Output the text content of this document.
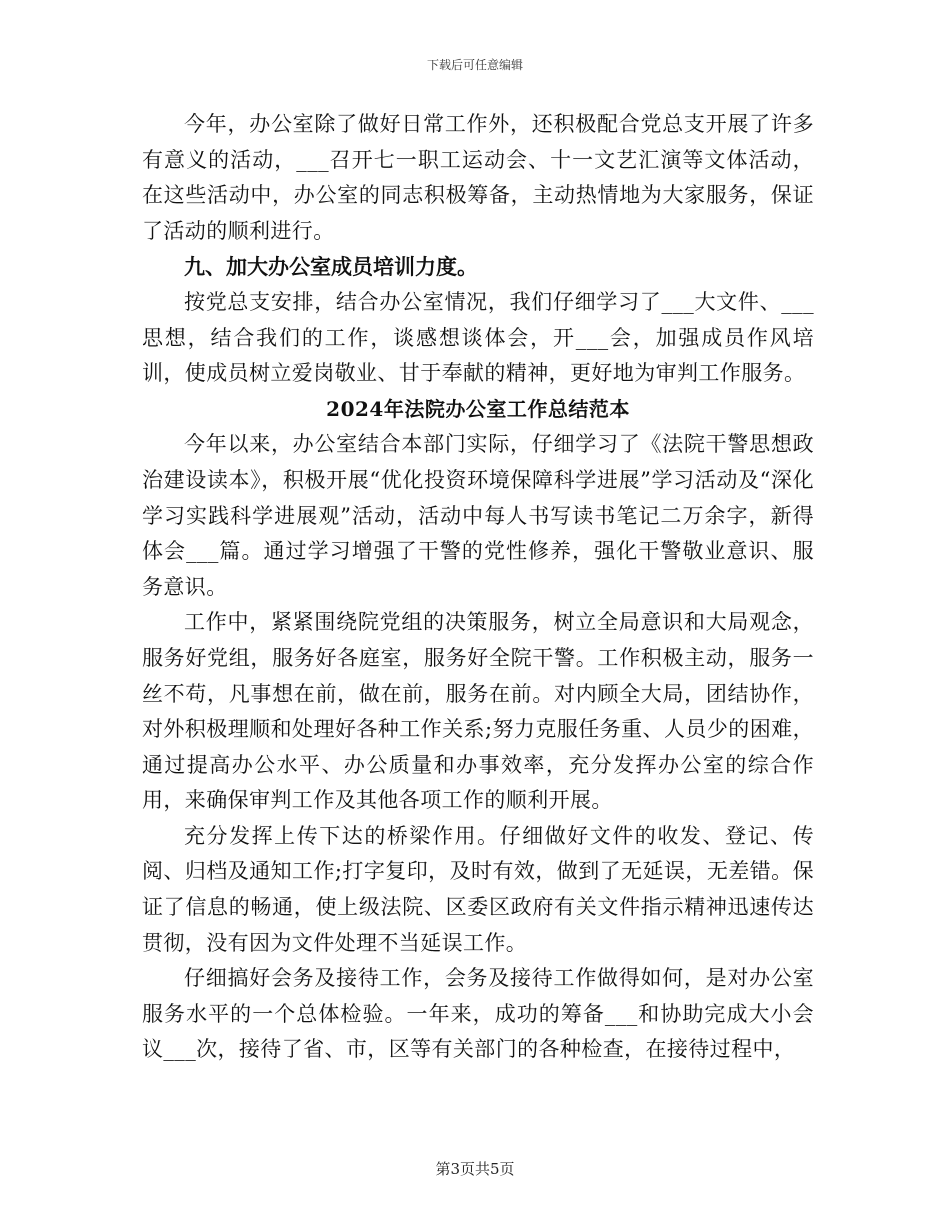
下载后可任意编辑

今年，办公室除了做好日常工作外，还积极配合党总支开展了许多有意义的活动，___召开七一职工运动会、十一文艺汇演等文体活动，在这些活动中，办公室的同志积极筹备，主动热情地为大家服务，保证了活动的顺利进行。

九、加大办公室成员培训力度。

按党总支安排，结合办公室情况，我们仔细学习了___大文件、___思想，结合我们的工作，谈感想谈体会，开___会，加强成员作风培训，使成员树立爱岗敬业、甘于奉献的精神，更好地为审判工作服务。

2024年法院办公室工作总结范本

今年以来，办公室结合本部门实际，仔细学习了《法院干警思想政治建设读本》，积极开展“优化投资环境保障科学进展”学习活动及“深化学习实践科学进展观”活动，活动中每人书写读书笔记二万余字，新得体会___篇。通过学习增强了干警的党性修养，强化干警敬业意识、服务意识。

工作中，紧紧围绕院党组的决策服务，树立全局意识和大局观念，服务好党组，服务好各庭室，服务好全院干警。工作积极主动，服务一丝不苟，凡事想在前，做在前，服务在前。对内顾全大局，团结协作，对外积极理顺和处理好各种工作关系;努力克服任务重、人员少的困难，通过提高办公水平、办公质量和办事效率，充分发挥办公室的综合作用，来确保审判工作及其他各项工作的顺利开展。

充分发挥上传下达的桥梁作用。仔细做好文件的收发、登记、传阅、归档及通知工作;打字复印，及时有效，做到了无延误，无差错。保证了信息的畅通，使上级法院、区委区政府有关文件指示精神迅速传达贯彻，没有因为文件处理不当延误工作。

仔细搞好会务及接待工作，会务及接待工作做得如何，是对办公室服务水平的一个总体检验。一年来，成功的筹备___和协助完成大小会议___次，接待了省、市，区等有关部门的各种检查，在接待过程中，

第3页共5页
